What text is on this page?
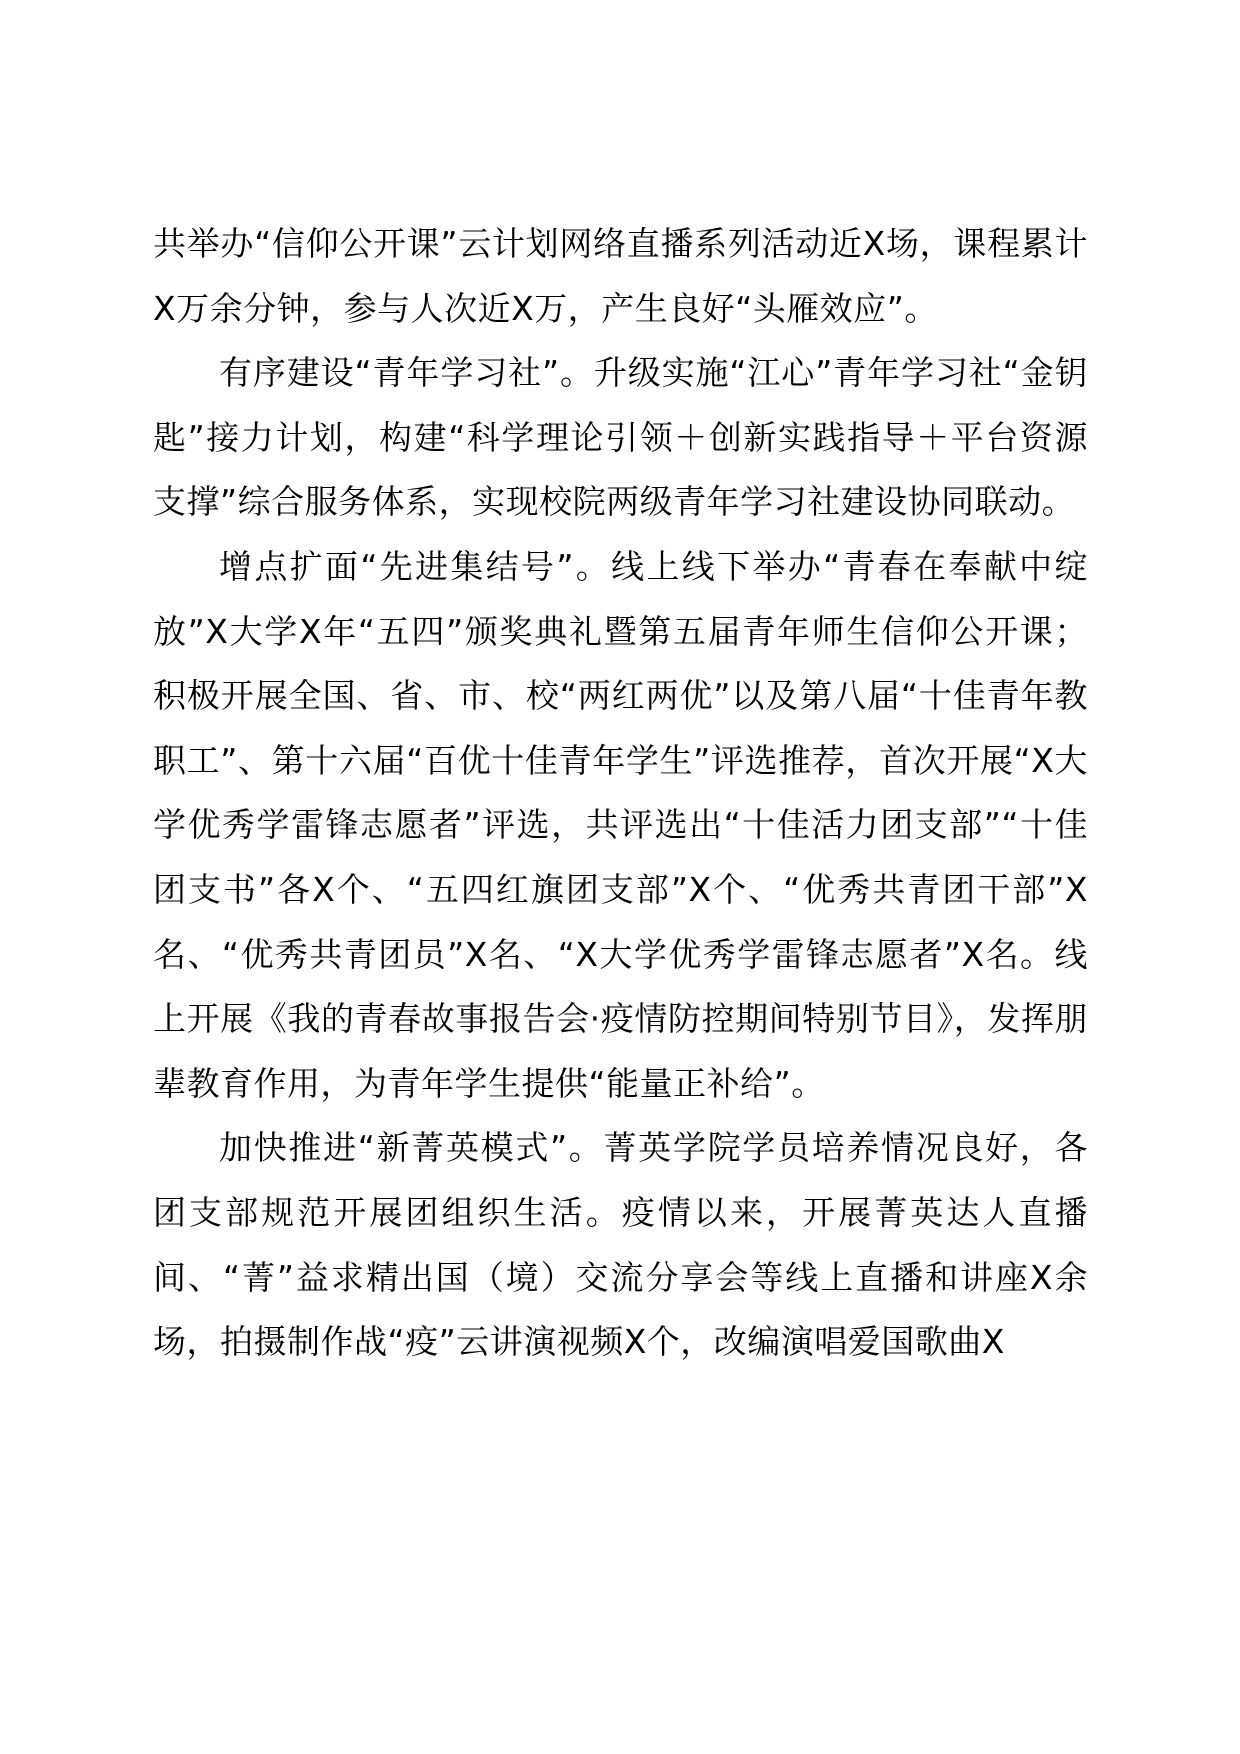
共举办“信仰公开课”云计划网络直播系列活动近X场，课程累计X万余分钟，参与人次近X万，产生良好“头雁效应”。

有序建设“青年学习社”。升级实施“江心”青年学习社“金钥匙”接力计划，构建“科学理论引领＋创新实践指导＋平台资源支撑”综合服务体系，实现校院两级青年学习社建设协同联动。

增点扩面“先进集结号”。线上线下举办“青春在奉献中绽放”X大学X年“五四”颁奖典礼暨第五届青年师生信仰公开课；积极开展全国、省、市、校“两红两优”以及第八届“十佳青年教职工”、第十六届“百优十佳青年学生”评选推荐，首次开展“X大学优秀学雷锋志愿者”评选，共评选出“十佳活力团支部”“十佳团支书”各X个、“五四红旗团支部”X个、“优秀共青团干部”X名、“优秀共青团员”X名、“X大学优秀学雷锋志愿者”X名。线上开展《我的青春故事报告会·疫情防控期间特别节目》，发挥朋辈教育作用，为青年学生提供“能量正补给”。

加快推进“新菁英模式”。菁英学院学员培养情况良好，各团支部规范开展团组织生活。疫情以来，开展菁英达人直播间、“菁”益求精出国（境）交流分享会等线上直播和讲座X余场，拍摄制作战“疫”云讲演视频X个，改编演唱爱国歌曲X
